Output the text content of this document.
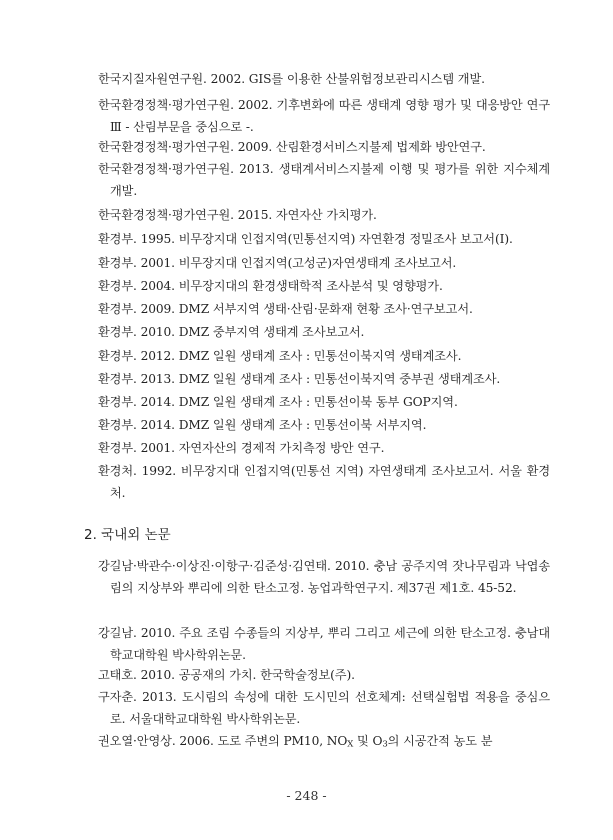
한국지질자원연구원. 2002. GIS를 이용한 산불위험정보관리시스템 개발.
한국환경정책·평가연구원. 2002. 기후변화에 따른 생태계 영향 평가 및 대응방안 연구 Ⅲ - 산림부문을 중심으로 -.
한국환경정책·평가연구원. 2009. 산림환경서비스지불제 법제화 방안연구.
한국환경정책·평가연구원. 2013. 생태계서비스지불제 이행 및 평가를 위한 지수체계 개발.
한국환경정책·평가연구원. 2015. 자연자산 가치평가.
환경부. 1995. 비무장지대 인접지역(민통선지역) 자연환경 정밀조사 보고서(Ⅰ).
환경부. 2001. 비무장지대 인접지역(고성군)자연생태계 조사보고서.
환경부. 2004. 비무장지대의 환경생태학적 조사분석 및 영향평가.
환경부. 2009. DMZ 서부지역 생태·산림·문화재 현황 조사·연구보고서.
환경부. 2010. DMZ 중부지역 생태계 조사보고서.
환경부. 2012. DMZ 일원 생태계 조사 : 민통선이북지역 생태계조사.
환경부. 2013. DMZ 일원 생태계 조사 : 민통선이북지역 중부권 생태계조사.
환경부. 2014. DMZ 일원 생태계 조사 : 민통선이북 동부 GOP지역.
환경부. 2014. DMZ 일원 생태계 조사 : 민통선이북 서부지역.
환경부. 2001. 자연자산의 경제적 가치측정 방안 연구.
환경처. 1992. 비무장지대 인접지역(민통선 지역) 자연생태계 조사보고서. 서울 환경처.
2. 국내외 논문
강길남·박관수·이상진·이항구·김준성·김연태. 2010. 충남 공주지역 잣나무림과 낙엽송림의 지상부와 뿌리에 의한 탄소고정. 농업과학연구지. 제37권 제1호. 45-52.
강길남. 2010. 주요 조림 수종들의 지상부, 뿌리 그리고 세근에 의한 탄소고정. 충남대학교대학원 박사학위논문.
고태호. 2010. 공공재의 가치. 한국학술정보(주).
구자춘. 2013. 도시림의 속성에 대한 도시민의 선호체계: 선택실험법 적용을 중심으로. 서울대학교대학원 박사학위논문.
권오열·안영상. 2006. 도로 주변의 PM10, $NO_X$ 및 $O_3$의 시공간적 농도 분
- 248 -
